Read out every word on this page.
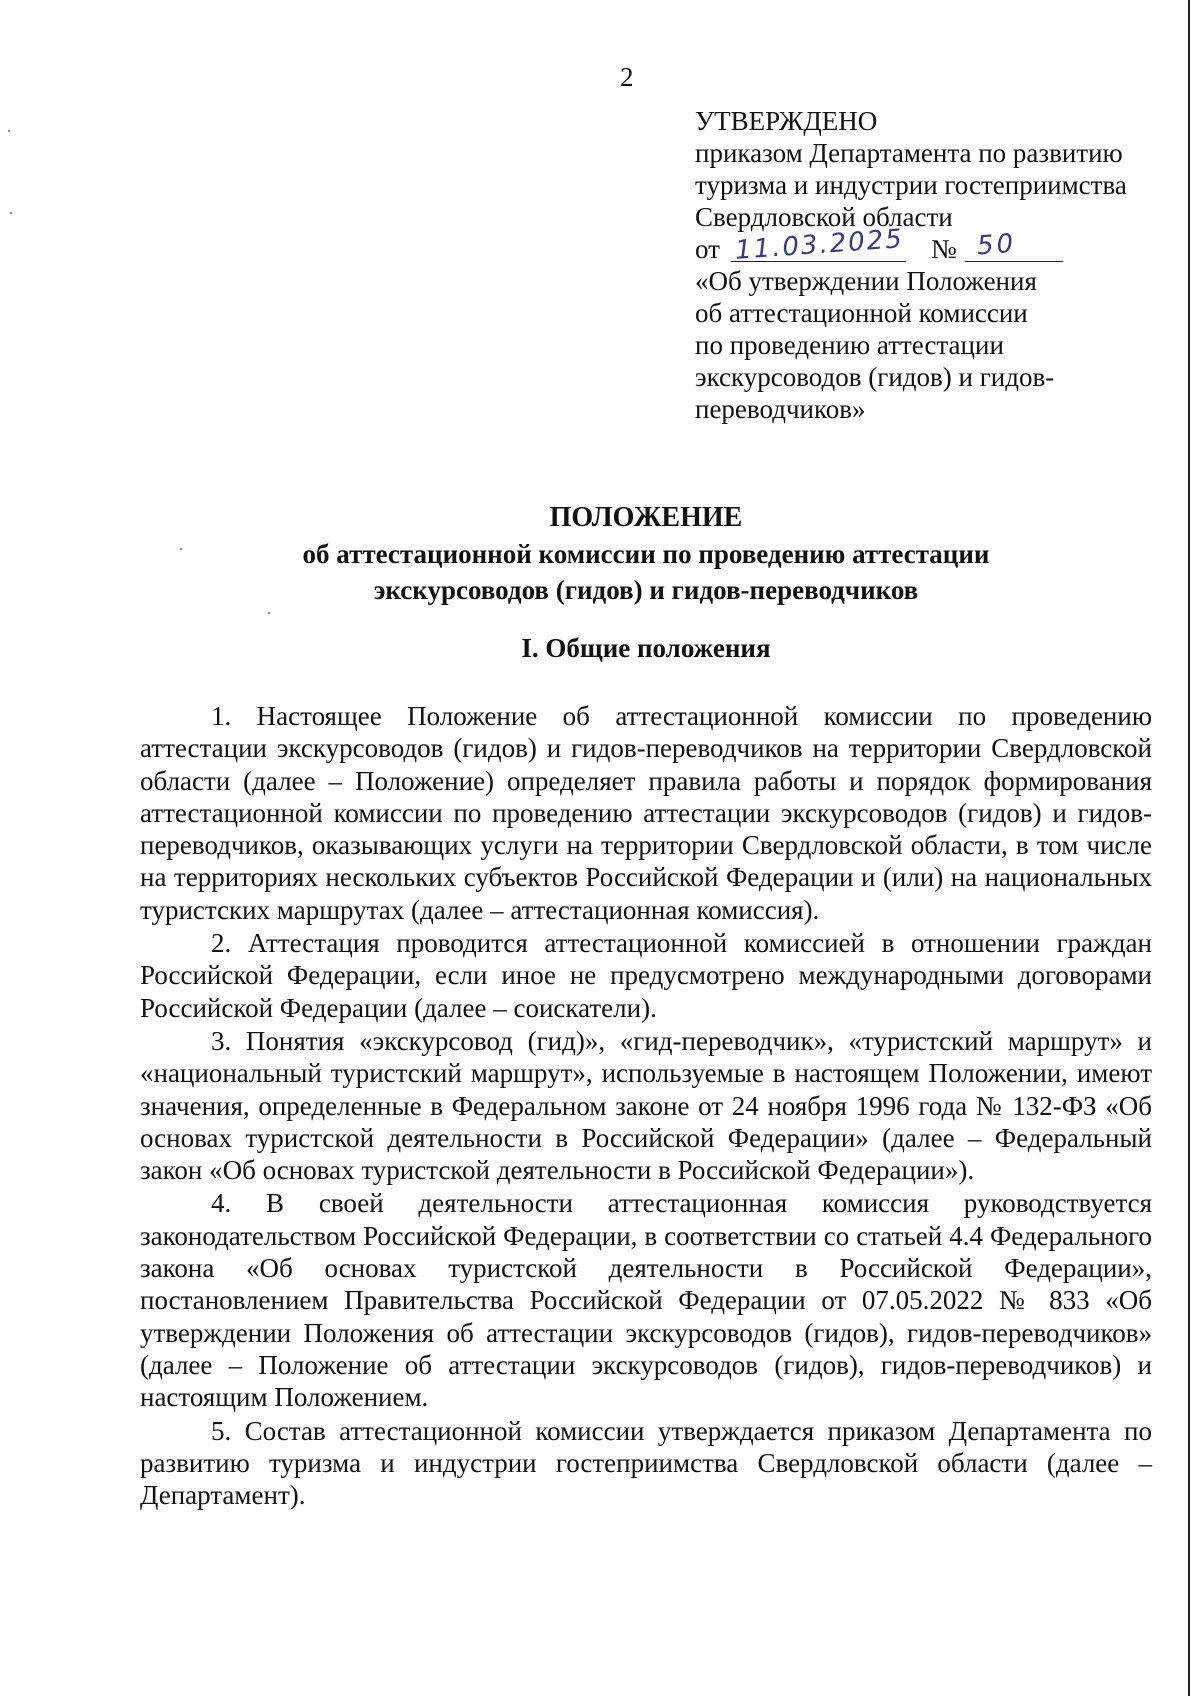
2
УТВЕРЖДЕНО
приказом Департамента по развитию
туризма и индустрии гостеприимства
Свердловской области
от 11.03.2025 № 50
«Об утверждении Положения
об аттестационной комиссии
по проведению аттестации
экскурсоводов (гидов) и гидов-
переводчиков»
ПОЛОЖЕНИЕ
об аттестационной комиссии по проведению аттестации
экскурсоводов (гидов) и гидов-переводчиков
I. Общие положения

1. Настоящее Положение об аттестационной комиссии по проведению аттестации экскурсоводов (гидов) и гидов-переводчиков на территории Свердловской области (далее – Положение) определяет правила работы и порядок формирования аттестационной комиссии по проведению аттестации экскурсоводов (гидов) и гидов-переводчиков, оказывающих услуги на территории Свердловской области, в том числе на территориях нескольких субъектов Российской Федерации и (или) на национальных туристских маршрутах (далее – аттестационная комиссия).

2. Аттестация проводится аттестационной комиссией в отношении граждан Российской Федерации, если иное не предусмотрено международными договорами Российской Федерации (далее – соискатели).

3. Понятия «экскурсовод (гид)», «гид-переводчик», «туристский маршрут» и «национальный туристский маршрут», используемые в настоящем Положении, имеют значения, определенные в Федеральном законе от 24 ноября 1996 года № 132-ФЗ «Об основах туристской деятельности в Российской Федерации» (далее – Федеральный закон «Об основах туристской деятельности в Российской Федерации»).

4. В своей деятельности аттестационная комиссия руководствуется законодательством Российской Федерации, в соответствии со статьей 4.4 Федерального закона «Об основах туристской деятельности в Российской Федерации», постановлением Правительства Российской Федерации от 07.05.2022 № 833 «Об утверждении Положения об аттестации экскурсоводов (гидов), гидов-переводчиков» (далее – Положение об аттестации экскурсоводов (гидов), гидов-переводчиков) и настоящим Положением.

5. Состав аттестационной комиссии утверждается приказом Департамента по развитию туризма и индустрии гостеприимства Свердловской области (далее – Департамент).
